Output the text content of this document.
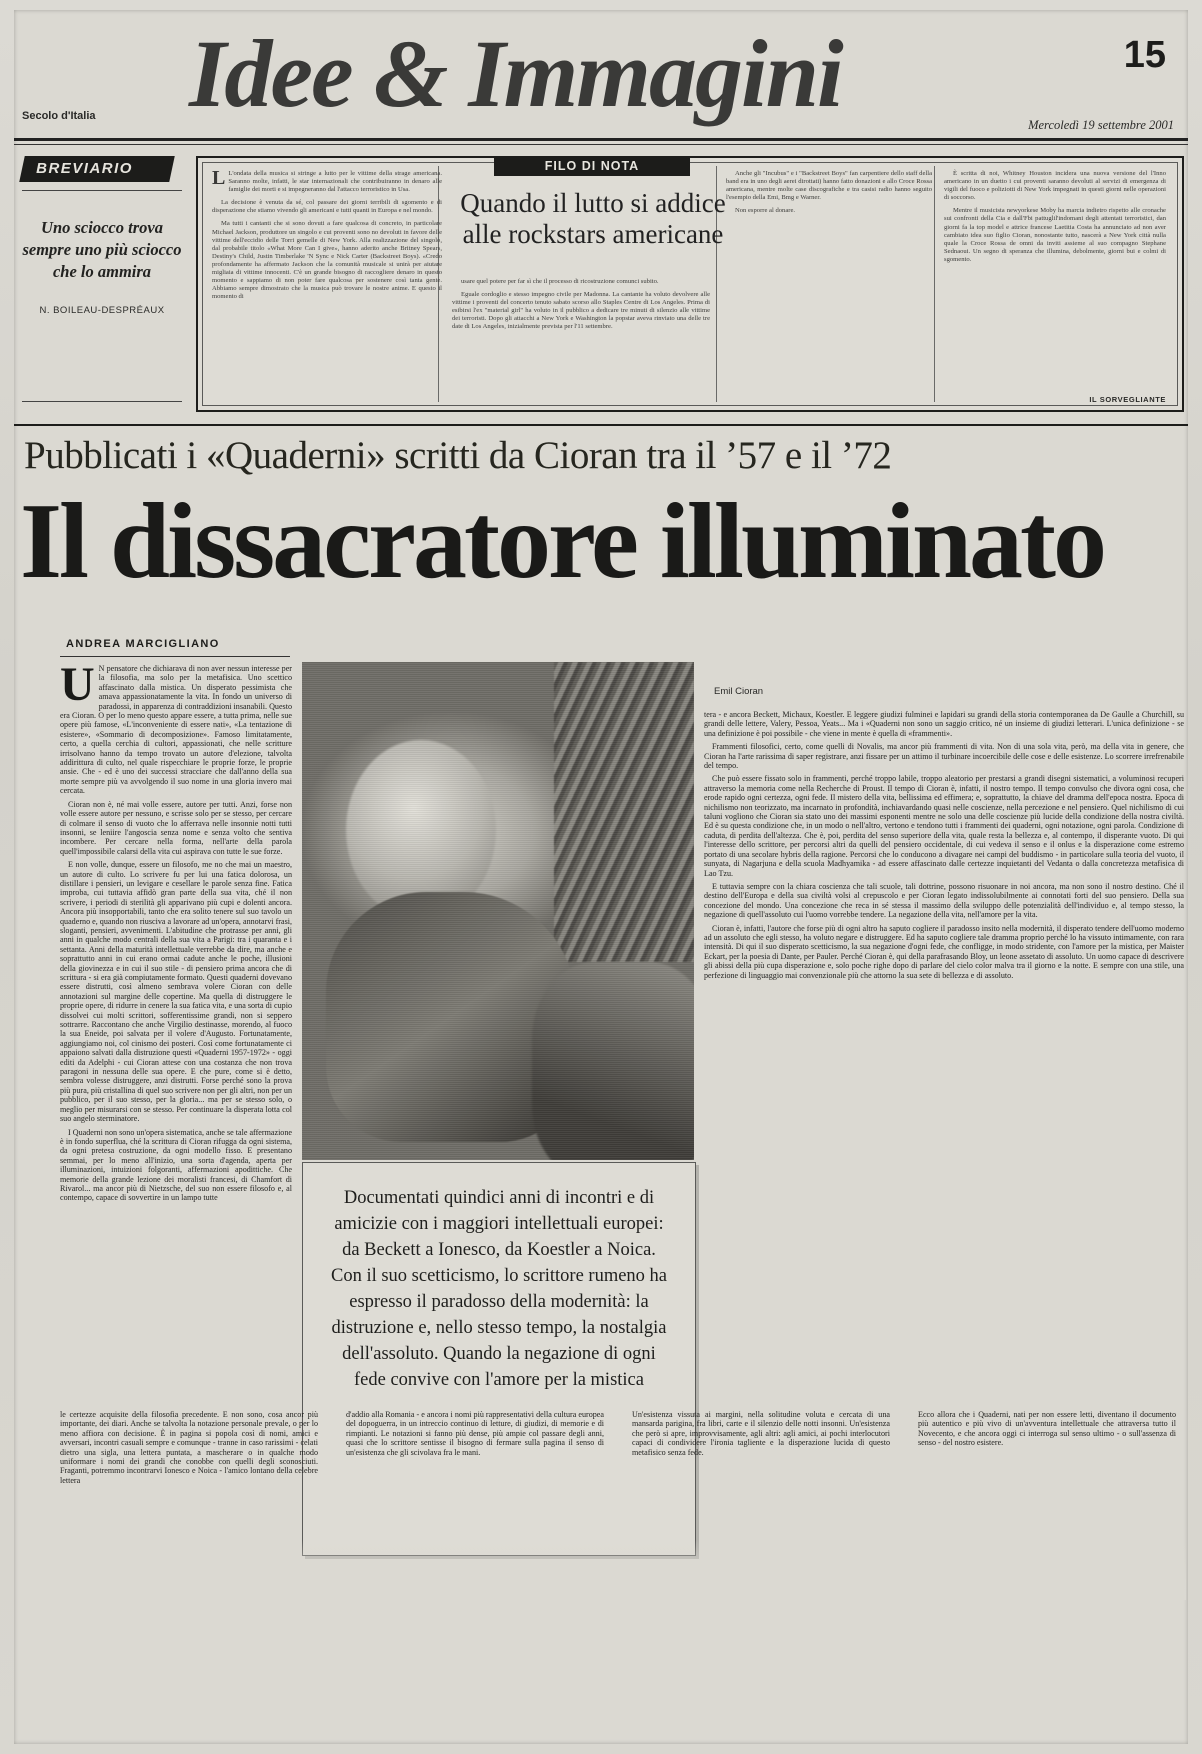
Idee & Immagini	15
Secolo d'Italia
Mercoledì 19 settembre 2001
BREVIARIO
Uno sciocco trova sempre uno più sciocco che lo ammira
N. BOILEAU-DESPRÉAUX
FILO DI NOTA
Quando il lutto si addice alle rockstars americane

L L'ondata della musica si stringe a lutto per le vittime della strage americana. Saranno molte, infatti, le star internazionali che contribuiranno in denaro alle famiglie dei morti e si impegneranno dal l'attacco terroristico in Usa.

La decisione è venuta da sé, col passare dei giorni terribili di sgomento e di disperazione che stiamo vivendo gli americani e tutti quanti in Europa e nel mondo.

Ma tutti i cantanti che si sono dovuti a fare qualcosa di concreto, in particolare Michael Jackson, produttore un singolo e cui proventi sono no devoluti in favore delle vittime dell'eccidio delle Torri gemelle di New York. Alla realizzazione del singolo, dal probabile titolo «What More Can I give», hanno aderito anche Britney Spears, Destiny's Child, Justin Timberlake 'N Sync e Nick Carter (Backstreet Boys). «Credo profondamente ha affermato Jackson che la comunità musicale si unirà per aiutare migliaia di vittime innocenti. C'è un grande bisogno di raccogliere denaro in questo momento e sappiamo di non poter fare qualcosa per sostenere così tanta gente. Abbiamo sempre dimostrato che la musica può trovare le nostre anime. E questo il momento di

usare quel potere per far sì che il processo di ricostruzione comunci subito.

Eguale cordoglio e stesso impegno civile per Madonna. La cantante ha voluto devolvere alle vittime i proventi del concerto tenuto sabato scorso allo Staples Centre di Los Angeles. Prima di esibirsi l'ex "material girl" ha voluto in il pubblico a dedicare tre minuti di silenzio alle vittime dei terroristi. Dopo gli attacchi a New York e Washington la popstar aveva rinviato una delle tre date di Los Angeles, inizialmente prevista per l'11 settembre.

Anche gli "Incubus" e i "Backstreet Boys" fan carpentiere dello staff della band era in uno degli aerei dirottati) hanno fatto donazioni e allo Croce Rossa americana, mentre molte case discografiche e tra casisi radio hanno seguito l'esempio della Emi, Bmg e Warner.

Non esporre al donare.

È scritta di noi, Whitney Houston incidera una nuova versione del l'Inno americano in un duetto i cui proventi saranno devoluti al servizi di emergenza di vigili del fuoco e poliziotti di New York impegnati in questi giorni nelle operazioni di soccorso.

Mentre il musicista newyorkese Moby ha marcia indietro rispetto alle cronache sui confronti della Cia e dall'Fbi pattuglil'indomani degli attentati terroristici, dan giorni fa la top model e attrice francese Laetitia Costa ha annunciato ad non aver cambiato idea suo figlio Cioran, nonostante tutto, nascerà a New York città nulla quale la Croce Rossa de omni da inviti assieme al suo compagno Stephane Sednaoui. Un segno di speranza che illumina, debolmente, giorni bui e colmi di sgomento.

IL SORVEGLIANTE
Pubblicati i «Quaderni» scritti da Cioran tra il ’57 e il ’72
Il dissacratore illuminato
ANDREA MARCIGLIANO

U N pensatore che dichiarava di non aver nessun interesse per la filosofia, ma solo per la metafisica. Uno scettico affascinato dalla mistica. Un disperato pessimista che amava appassionatamente la vita. In fondo un universo di paradossi, in apparenza di contraddizioni insanabili. Questo era Cioran. O per lo meno questo appare essere, a tutta prima, nelle sue opere più famose, «L'inconveniente di essere nati», «La tentazione di esistere», «Sommario di decomposizione». Famoso limitatamente, certo, a quella cerchia di cultori, appassionati, che nelle scritture irrisolvano hanno da tempo trovato un autore d'elezione, talvolta addirittura di culto, nel quale rispecchiare le proprie forze, le proprie ansie. Che - ed è uno dei successi stracciare che dall'anno della sua morte sempre più va avvolgendo il suo nome in una gloria invero mai cercata.

Cioran non è, né mai volle essere, autore per tutti. Anzi, forse non volle essere autore per nessuno, e scrisse solo per se stesso, per cercare di colmare il senso di vuoto che lo afferrava nelle insonnie notti tutti insonni, se leniire l'angoscia senza nome e senza volto che sentiva incombere. Per cercare nella forma, nell'arte della parola quell'impossibile calarsi della vita cui aspirava con tutte le sue forze.

E non volle, dunque, essere un filosofo, me no che mai un maestro, un autore di culto. Lo scrivere fu per lui una fatica dolorosa, un distillare i pensieri, un levigare e cesellare le parole senza fine. Fatica improba, cui tuttavia affidò gran parte della sua vita, ché il non scrivere, i periodi di sterilità gli apparivano più cupi e dolenti ancora. Ancora più insopportabili, tanto che era solito tenere sul suo tavolo un quaderno e, quando non riusciva a lavorare ad un'opera, annotarvi frasi, sloganti, pensieri, avvenimenti. L'abitudine che protrasse per anni, gli anni in qualche modo centrali della sua vita a Parigi: tra i quaranta e i settanta. Anni della maturità intellettuale verrebbe da dire, ma anche e soprattutto anni in cui erano ormai cadute anche le poche, illusioni della giovinezza e in cui il suo stile - di pensiero prima ancora che di scrittura - si era già compiutamente formato. Questi quaderni dovevano essere distrutti, così almeno sembrava volere Cioran con delle annotazioni sul margine delle copertine. Ma quella di distruggere le proprie opere, di ridurre in cenere la sua fatica vita, e una sorta di cupio dissolvei cui molti scrittori, sofferentissime grandi, non si seppero sottrarre. Raccontano che anche Virgilio destinasse, morendo, al fuoco la sua Eneide, poi salvata per il volere d'Augusto. Fortunatamente, aggiungiamo noi, col cinismo dei posteri. Così come fortunatamente ci appaiono salvati dalla distruzione questi «Quaderni 1957-1972» - oggi editi da Adelphi - cui Cioran attese con una costanza che non trova paragoni in nessuna delle sua opere. E che pure, come si è detto, sembra volesse distruggere, anzi distrutti. Forse perché sono la prova più pura, più cristallina di quel suo scrivere non per gli altri, non per un pubblico, per il suo stesso, per la gloria... ma per se stesso solo, o meglio per misurarsi con se stesso. Per continuare la disperata lotta col suo angelo sterminatore.

I Quaderni non sono un'opera sistematica, anche se tale affermazione è in fondo superflua, ché la scrittura di Cioran rifugga da ogni sistema, da ogni pretesa costruzione, da ogni modello fisso. E presentano semmai, per lo meno all'inizio, una sorta d'agenda, aperta per illuminazioni, intuizioni folgoranti, affermazioni apodittiche. Che memorie della grande lezione dei moralisti francesi, di Chamfort di Rivarol... ma ancor più di Nietzsche, del suo non essere filosofo e, al contempo, capace di sovvertire in un lampo tutte

Emil Cioran
Documentati quindici anni di incontri e di amicizie con i maggiori intellettuali europei: da Beckett a Ionesco, da Koestler a Noica. Con il suo scetticismo, lo scrittore rumeno ha espresso il paradosso della modernità: la distruzione e, nello stesso tempo, la nostalgia dell'assoluto. Quando la negazione di ogni fede convive con l'amore per la mistica

tera - e ancora Beckett, Michaux, Koestler. E leggere giudizi fulminei e lapidari su grandi della storia contemporanea da De Gaulle a Churchill, su grandi delle lettere, Valery, Pessoa, Yeats... Ma i «Quaderni non sono un saggio critico, né un insieme di giudizi letterari. L'unica definizione - se una definizione è poi possibile - che viene in mente è quella di «frammenti».

Frammenti filosofici, certo, come quelli di Novalis, ma ancor più frammenti di vita. Non di una sola vita, però, ma della vita in genere, che Cioran ha l'arte rarissima di saper registrare, anzi fissare per un attimo il turbinare incoercibile delle cose e delle esistenze. Lo scorrere irrefrenabile del tempo.

Che può essere fissato solo in frammenti, perché troppo labile, troppo aleatorio per prestarsi a grandi disegni sistematici, a voluminosi recuperi attraverso la memoria come nella Recherche di Proust. Il tempo di Cioran è, infatti, il nostro tempo. Il tempo convulso che divora ogni cosa, che erode rapido ogni certezza, ogni fede. Il mistero della vita, bellissima ed effimera; e, soprattutto, la chiave del dramma dell'epoca nostra. Epoca di nichilismo non teorizzato, ma incarnato in profondità, inchiavardando quasi nelle coscienze, nella percezione e nel pensiero. Quel nichilismo di cui taluni vogliono che Cioran sia stato uno dei massimi esponenti mentre ne solo una delle coscienze più lucide della condizione della nostra civiltà. Ed è su questa condizione che, in un modo o nell'altro, vertono e tendono tutti i frammenti dei quaderni, ogni notazione, ogni parola. Condizione di caduta, di perdita dell'altezza. Che è, poi, perdita del senso superiore della vita, quale resta la bellezza e, al contempo, il disperante vuoto. Di qui l'interesse dello scrittore, per percorsi altri da quelli del pensiero occidentale, di cui vedeva il senso e il onlus e la disperazione come estremo portato di una secolare hybris della ragione. Percorsi che lo conducono a divagare nei campi del buddismo - in particolare sulla teoria del vuoto, il sunyata, di Nagarjuna e della scuola Madhyamika - ad essere affascinato dalle certezze inquietanti del Vedanta o dalla concretezza metafisica di Lao Tzu.

E tuttavia sempre con la chiara coscienza che tali scuole, tali dottrine, possono risuonare in noi ancora, ma non sono il nostro destino. Ché il destino dell'Europa e della sua civiltà volsi al crepuscolo e per Cioran legato indissolubilmente ai connotati forti del suo pensiero. Della sua concezione del mondo. Una concezione che reca in sé stessa il massimo della sviluppo delle potenzialità dell'individuo e, al tempo stesso, la negazione di quell'assoluto cui l'uomo vorrebbe tendere. La negazione della vita, nell'amore per la vita.

Cioran è, infatti, l'autore che forse più di ogni altro ha saputo cogliere il paradosso insito nella modernità, il disperato tendere dell'uomo moderno ad un assoluto che egli stesso, ha voluto negare e distruggere. Ed ha saputo cogliere tale dramma proprio perché lo ha vissuto intimamente, con rara intensità. Di qui il suo disperato scetticismo, la sua negazione d'ogni fede, che confligge, in modo stridente, con l'amore per la mistica, per Maister Eckart, per la poesia di Dante, per Pauler. Perché Cioran è, qui della parafrasando Bloy, un leone assetato di assoluto. Un uomo capace di descrivere gli abissi della più cupa disperazione e, solo poche righe dopo di parlare del cielo color malva tra il giorno e la notte. E sempre con una stile, una perfezione di linguaggio mai convenzionale più che attorno la sua sete di bellezza e di assoluto.

le certezze acquisite della filosofia precedente. E non sono, cosa ancor più importante, dei diari. Anche se talvolta la notazione personale prevale, o per lo meno affiora con decisione. È in pagina si popola così di nomi, amici e avversari, incontri casuali sempre e comunque - tranne in caso rarissimi - celati dietro una sigla, una lettera puntata, a mascherare o in qualche modo uniformare i nomi dei grandi che conobbe con quelli degli sconosciuti. Fraganti, potremmo incontrarvi Ionesco e Noica - l'amico lontano della celebre lettera

d'addio alla Romania - e ancora i nomi più rappresentativi della cultura europea del dopoguerra, in un intreccio continuo di letture, di giudizi, di memorie e di rimpianti. Le notazioni si fanno più dense, più ampie col passare degli anni, quasi che lo scrittore sentisse il bisogno di fermare sulla pagina il senso di un'esistenza che gli scivolava fra le mani.

Un'esistenza vissuta ai margini, nella solitudine voluta e cercata di una mansarda parigina, fra libri, carte e il silenzio delle notti insonni. Un'esistenza che però si apre, improvvisamente, agli altri: agli amici, ai pochi interlocutori capaci di condividere l'ironia tagliente e la disperazione lucida di questo metafisico senza fede.

Ecco allora che i Quaderni, nati per non essere letti, diventano il documento più autentico e più vivo di un'avventura intellettuale che attraversa tutto il Novecento, e che ancora oggi ci interroga sul senso ultimo - o sull'assenza di senso - del nostro esistere.
